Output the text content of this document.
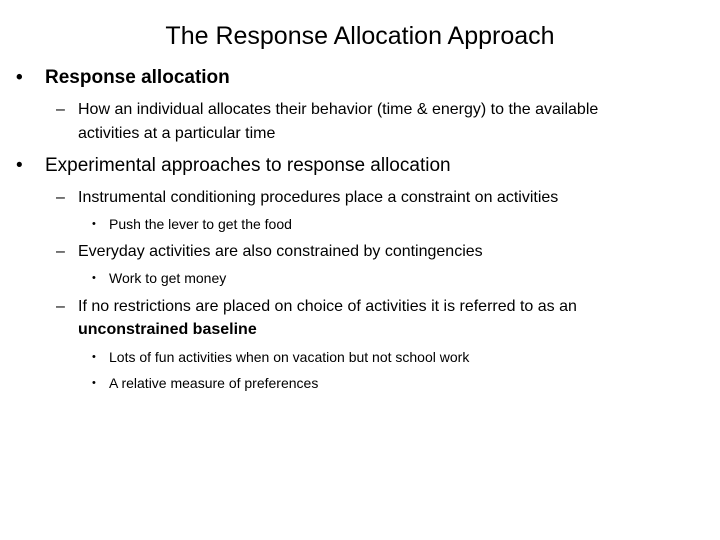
The Response Allocation Approach
• Response allocation
– How an individual allocates their behavior (time & energy) to the available
activities at a particular time
• Experimental approaches to response allocation
– Instrumental conditioning procedures place a constraint on activities
• Push the lever to get the food
– Everyday activities are also constrained by contingencies
• Work to get money
– If no restrictions are placed on choice of activities it is referred to as an
unconstrained baseline
• Lots of fun activities when on vacation but not school work
• A relative measure of preferences
